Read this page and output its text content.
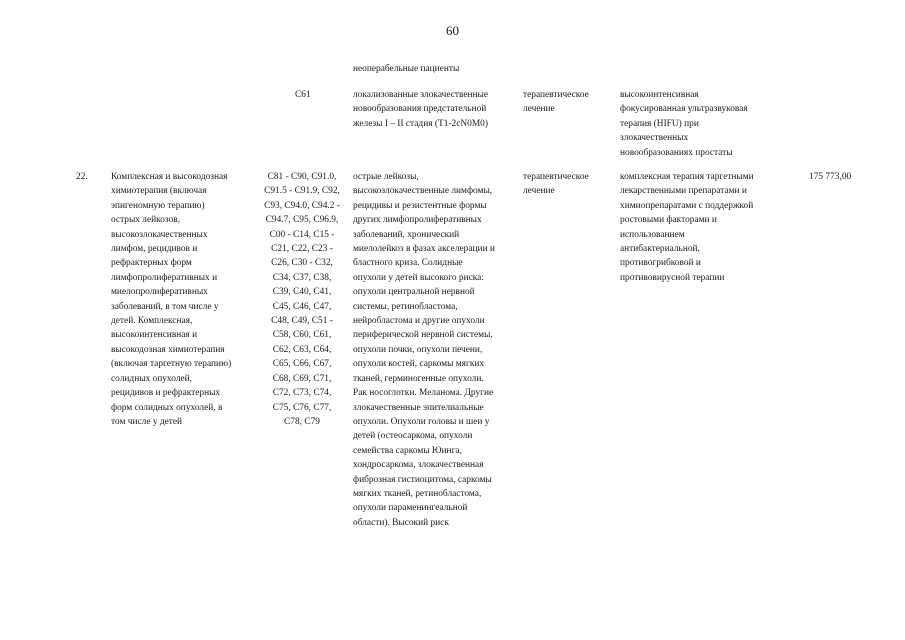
60
неоперабельные пациенты
C61	локализованные злокачественные
новообразования предстательной
железы I – II стадия (T1-2cN0M0)
терапевтическое
лечение
высокоинтенсивная
фокусированная ультразвуковая
терапия (HIFU) при
злокачественных
новообразованиях простаты
22. Комплексная и высокодозная
химиотерапия (включая
эпигеномную терапию)
острых лейкозов,
высокозлокачественных
лимфом, рецидивов и
рефрактерных форм
лимфопролиферативных и
миелопролиферативных
заболеваний, в том числе у
детей. Комплексная,
высокоинтенсивная и
высокодозная химиотерапия
(включая таргетную терапию)
солидных опухолей,
рецидивов и рефрактерных
форм солидных опухолей, в
том числе у детей
C81 - C90, C91.0,
C91.5 - C91.9, C92,
C93, C94.0, C94.2 -
C94.7, C95, C96.9,
C00 - C14, C15 -
C21, C22, C23 -
C26, C30 - C32,
C34, C37, C38,
C39, C40, C41,
C45, C46, C47,
C48, C49, C51 -
C58, C60, C61,
C62, C63, C64,
C65, C66, C67,
C68, C69, C71,
C72, C73, C74,
C75, C76, C77,
C78, C79
острые лейкозы,
высокозлокачественные лимфомы,
рецидивы и резистентные формы
других лимфопролиферативных
заболеваний, хронический
миелолейкоз в фазах акселерации и
бластного криза. Солидные
опухоли у детей высокого риска:
опухоли центральной нервной
системы, ретинобластома,
нейробластома и другие опухоли
периферической нервной системы,
опухоли почки, опухоли печени,
опухоли костей, саркомы мягких
тканей, герминогенные опухоли.
Рак носоглотки. Меланома. Другие
злокачественные эпителиальные
опухоли. Опухоли головы и шеи у
детей (остеосаркома, опухоли
семейства саркомы Юинга,
хондросаркома, злокачественная
фиброзная гистиоцитома, саркомы
мягких тканей, ретинобластома,
опухоли параменингеальной
области). Высокий риск
терапевтическое
лечение
комплексная терапия таргетными
лекарственными препаратами и
химиопрепаратами с поддержкой
ростовыми факторами и
использованием
антибактериальной,
противогрибковой и
противовирусной терапии
175 773,00
